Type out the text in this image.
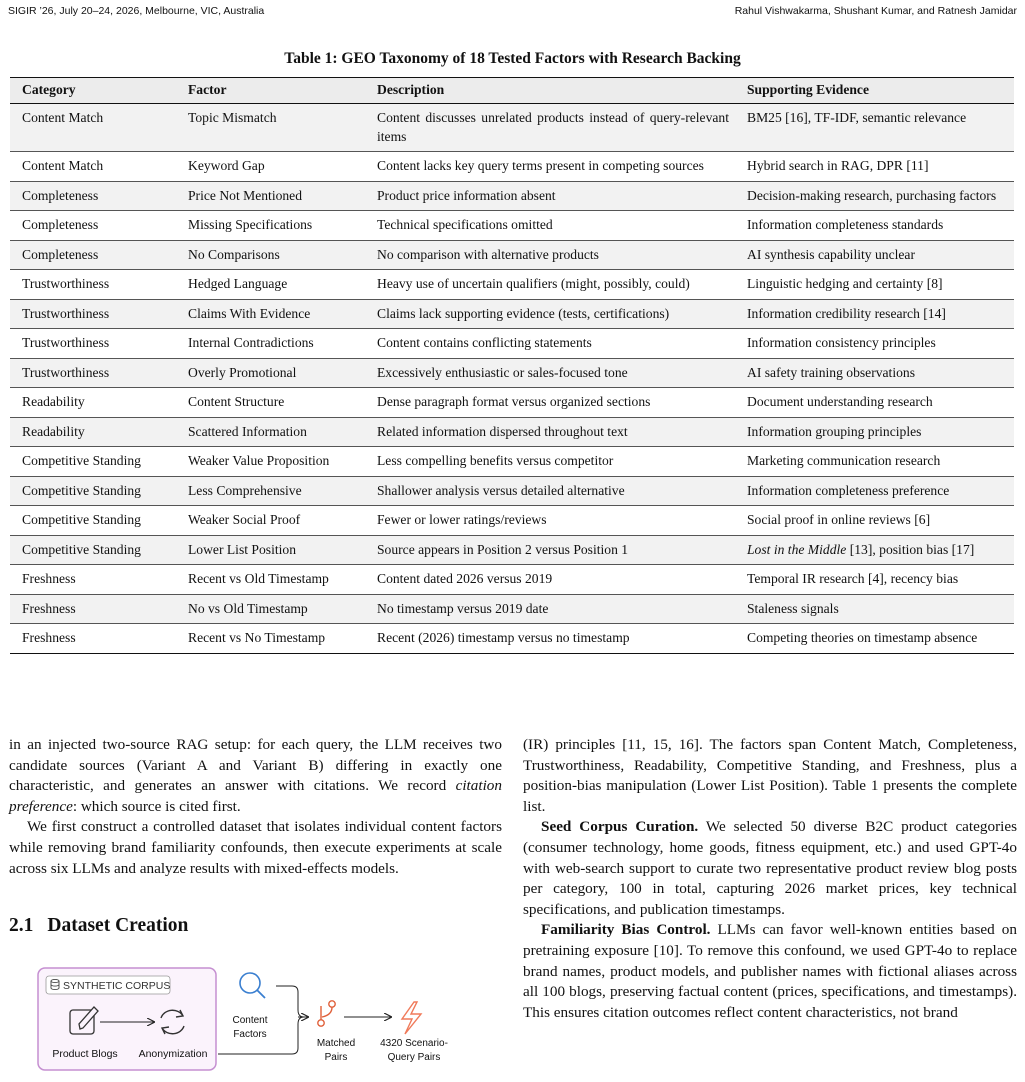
SIGIR ’26, July 20–24, 2026, Melbourne, VIC, Australia	Rahul Vishwakarma, Shushant Kumar, and Ratnesh Jamidar
Table 1: GEO Taxonomy of 18 Tested Factors with Research Backing
Category	Factor	Description	Supporting Evidence
Content Match	Topic Mismatch	Content discusses unrelated products instead of query-relevant items	BM25 [16], TF-IDF, semantic relevance
Content Match	Keyword Gap	Content lacks key query terms present in competing sources	Hybrid search in RAG, DPR [11]
Completeness	Price Not Mentioned	Product price information absent	Decision-making research, purchasing factors
Completeness	Missing Specifications	Technical specifications omitted	Information completeness standards
Completeness	No Comparisons	No comparison with alternative products	AI synthesis capability unclear
Trustworthiness	Hedged Language	Heavy use of uncertain qualifiers (might, possibly, could)	Linguistic hedging and certainty [8]
Trustworthiness	Claims With Evidence	Claims lack supporting evidence (tests, certifications)	Information credibility research [14]
Trustworthiness	Internal Contradictions	Content contains conflicting statements	Information consistency principles
Trustworthiness	Overly Promotional	Excessively enthusiastic or sales-focused tone	AI safety training observations
Readability	Content Structure	Dense paragraph format versus organized sections	Document understanding research
Readability	Scattered Information	Related information dispersed throughout text	Information grouping principles
Competitive Standing	Weaker Value Proposition	Less compelling benefits versus competitor	Marketing communication research
Competitive Standing	Less Comprehensive	Shallower analysis versus detailed alternative	Information completeness preference
Competitive Standing	Weaker Social Proof	Fewer or lower ratings/reviews	Social proof in online reviews [6]
Competitive Standing	Lower List Position	Source appears in Position 2 versus Position 1	Lost in the Middle [13], position bias [17]
Freshness	Recent vs Old Timestamp	Content dated 2026 versus 2019	Temporal IR research [4], recency bias
Freshness	No vs Old Timestamp	No timestamp versus 2019 date	Staleness signals
Freshness	Recent vs No Timestamp	Recent (2026) timestamp versus no timestamp	Competing theories on timestamp absence

in an injected two-source RAG setup: for each query, the LLM receives two candidate sources (Variant A and Variant B) differing in exactly one characteristic, and generates an answer with citations. We record citation preference: which source is cited first.

We first construct a controlled dataset that isolates individual content factors while removing brand familiarity confounds, then execute experiments at scale across six LLMs and analyze results with mixed-effects models.

2.1 Dataset Creation
SYNTHETIC CORPUS
Product Blogs Anonymization
Content
Factors
Matched
Pairs
4320 Scenario-
Query Pairs

(IR) principles [11, 15, 16]. The factors span Content Match, Completeness, Trustworthiness, Readability, Competitive Standing, and Freshness, plus a position-bias manipulation (Lower List Position). Table 1 presents the complete list.

Seed Corpus Curation. We selected 50 diverse B2C product categories (consumer technology, home goods, fitness equipment, etc.) and used GPT-4o with web-search support to curate two representative product review blog posts per category, 100 in total, capturing 2026 market prices, key technical specifications, and publication timestamps.

Familiarity Bias Control. LLMs can favor well-known entities based on pretraining exposure [10]. To remove this confound, we used GPT-4o to replace brand names, product models, and publisher names with fictional aliases across all 100 blogs, preserving factual content (prices, specifications, and timestamps). This ensures citation outcomes reflect content characteristics, not brand
